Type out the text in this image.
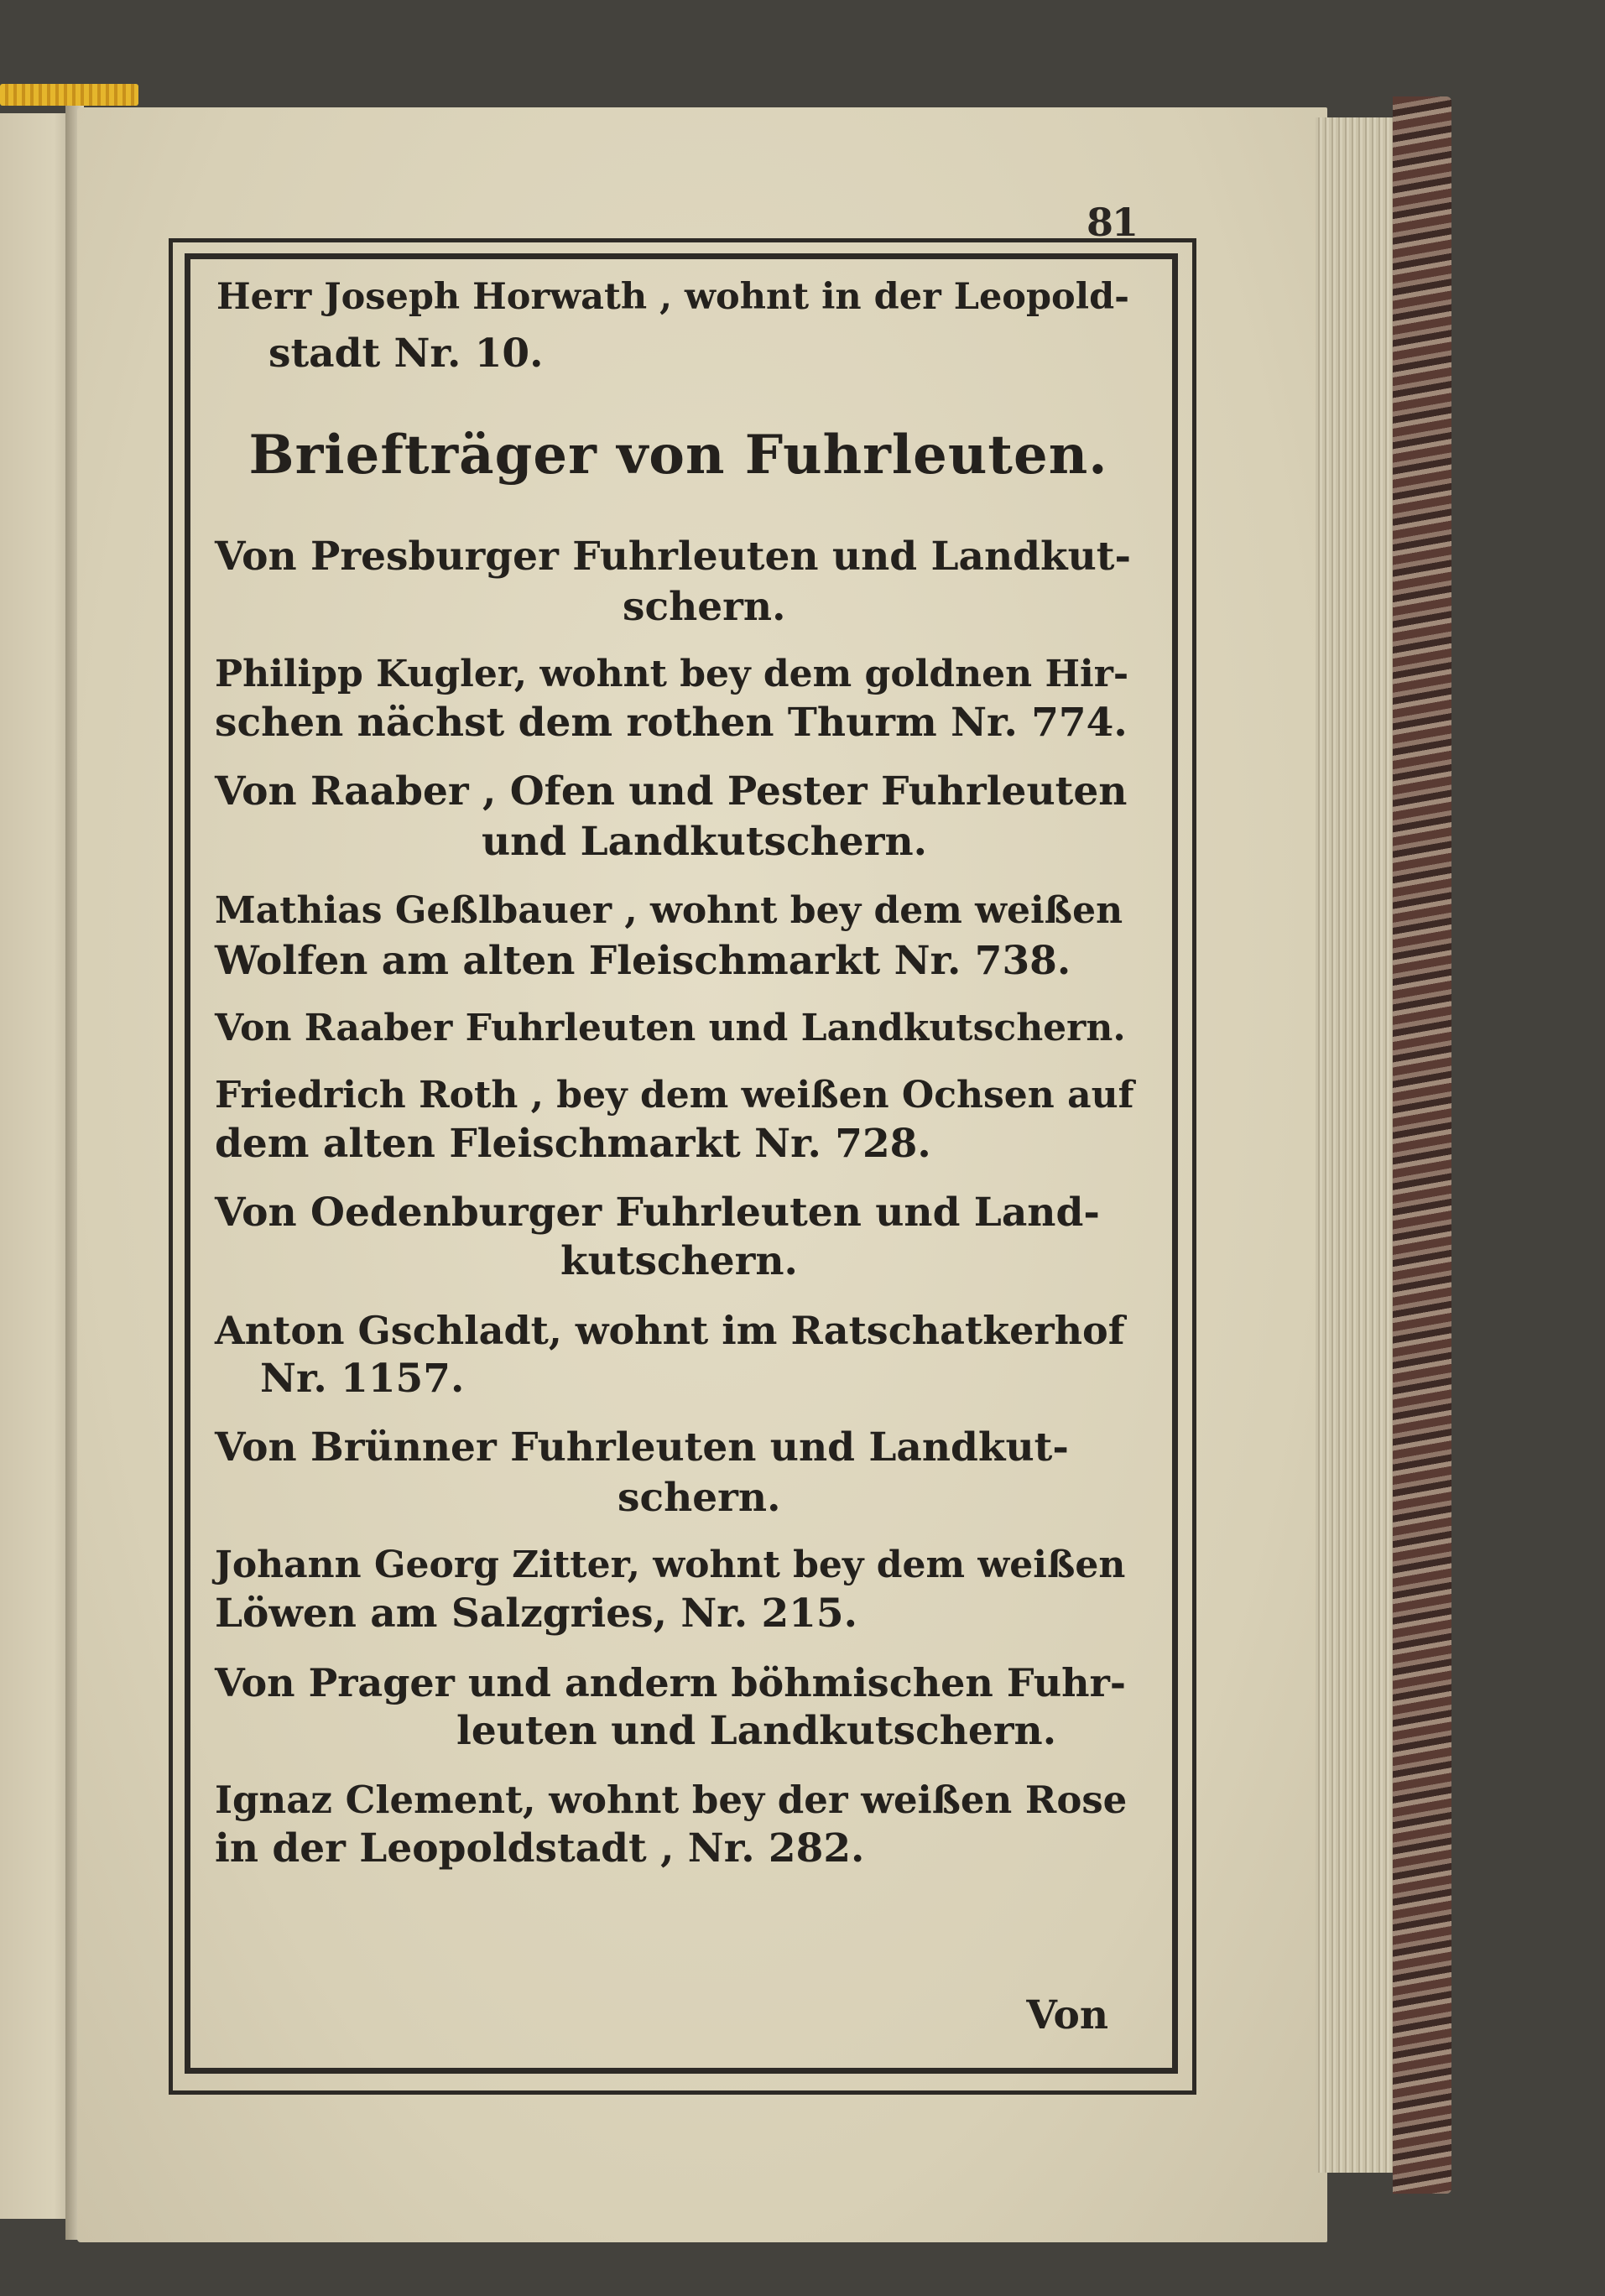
81

Herr Joseph Horwath , wohnt in der Leopold-

stadt Nr. 10.

Briefträger von Fuhrleuten.

Von Presburger Fuhrleuten und Landkut-

schern.

Philipp Kugler, wohnt bey dem goldnen Hir-

schen nächst dem rothen Thurm Nr. 774.

Von Raaber , Ofen und Pester Fuhrleuten

und Landkutschern.

Mathias Geßlbauer , wohnt bey dem weißen

Wolfen am alten Fleischmarkt Nr. 738.

Von Raaber Fuhrleuten und Landkutschern.

Friedrich Roth , bey dem weißen Ochsen auf

dem alten Fleischmarkt Nr. 728.

Von Oedenburger Fuhrleuten und Land-

kutschern.

Anton Gschladt, wohnt im Ratschatkerhof

Nr. 1157.

Von Brünner Fuhrleuten und Landkut-

schern.

Johann Georg Zitter, wohnt bey dem weißen

Löwen am Salzgries, Nr. 215.

Von Prager und andern böhmischen Fuhr-

leuten und Landkutschern.

Ignaz Clement, wohnt bey der weißen Rose

in der Leopoldstadt , Nr. 282.

Von
